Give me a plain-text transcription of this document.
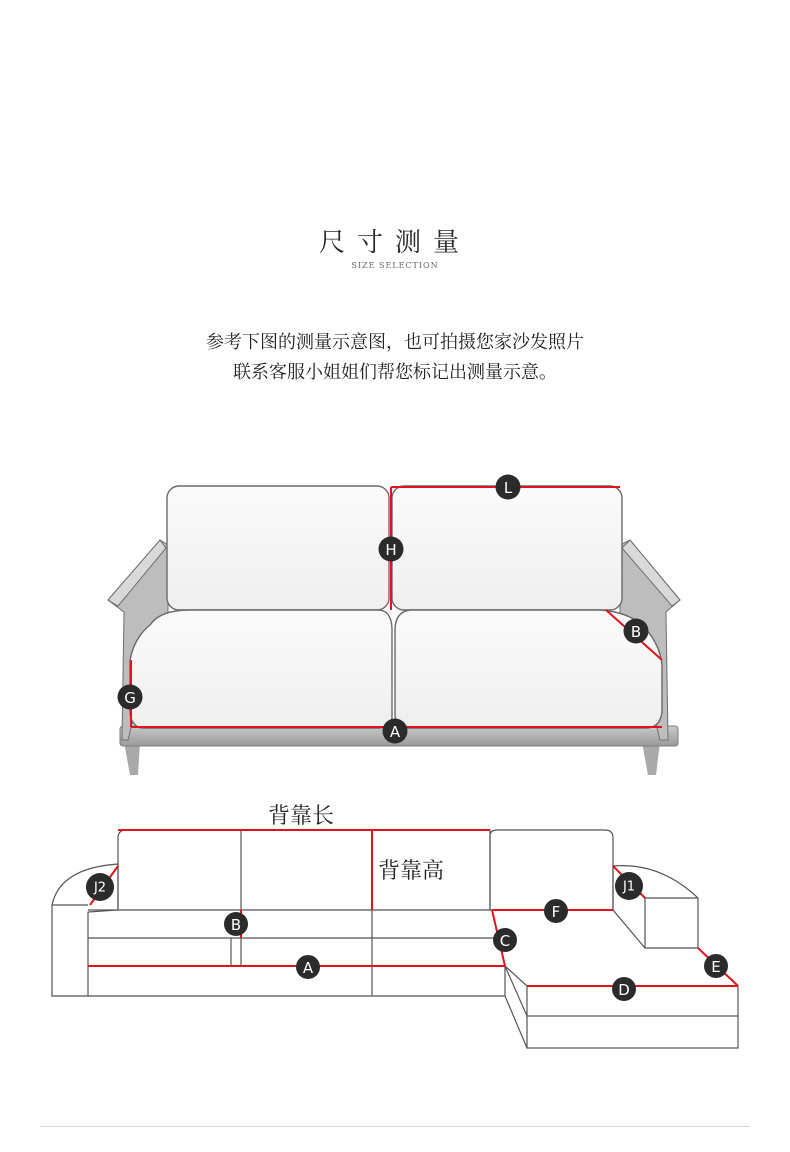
尺寸测量
SIZE SELECTION
参考下图的测量示意图，也可拍摄您家沙发照片
联系客服小姐姐们帮您标记出测量示意。
L
H
B
G
A
背靠长
背靠高
J2
B
A
F
C
J1
E
D
